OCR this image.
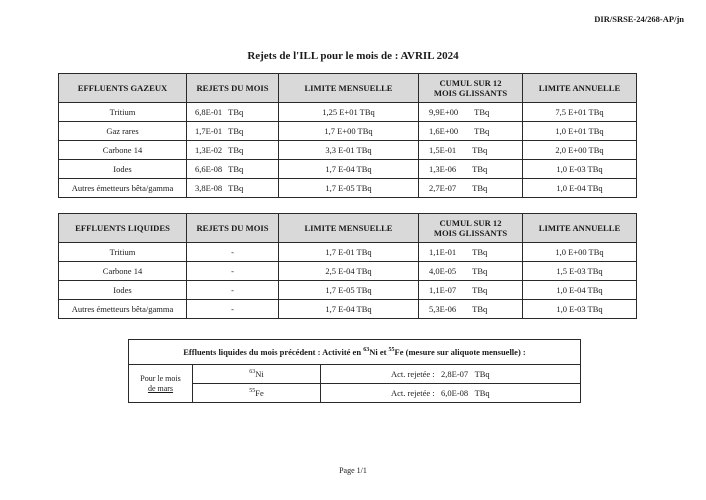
DIR/SRSE-24/268-AP/jn
Rejets de l'ILL pour le mois de : AVRIL 2024
EFFLUENTS GAZEUX	REJETS DU MOIS	LIMITE MENSUELLE	CUMUL SUR 12
MOIS GLISSANTS	LIMITE ANNUELLE
Tritium	6,8E-01 TBq	1,25 E+01 TBq	9,9E+00 TBq	7,5 E+01 TBq
Gaz rares	1,7E-01 TBq	1,7 E+00 TBq	1,6E+00 TBq	1,0 E+01 TBq
Carbone 14	1,3E-02 TBq	3,3 E-01 TBq	1,5E-01 TBq	2,0 E+00 TBq
Iodes	6,6E-08 TBq	1,7 E-04 TBq	1,3E-06 TBq	1,0 E-03 TBq
Autres émetteurs bêta/gamma	3,8E-08 TBq	1,7 E-05 TBq	2,7E-07 TBq	1,0 E-04 TBq
EFFLUENTS LIQUIDES	REJETS DU MOIS	LIMITE MENSUELLE	CUMUL SUR 12
MOIS GLISSANTS	LIMITE ANNUELLE
Tritium	-	1,7 E-01 TBq	1,1E-01 TBq	1,0 E+00 TBq
Carbone 14	-	2,5 E-04 TBq	4,0E-05 TBq	1,5 E-03 TBq
Iodes	-	1,7 E-05 TBq	1,1E-07 TBq	1,0 E-04 TBq
Autres émetteurs bêta/gamma	-	1,7 E-04 TBq	5,3E-06 TBq	1,0 E-03 TBq
Effluents liquides du mois précédent : Activité en $^{63}$Ni et $^{55}$Fe (mesure sur aliquote mensuelle) :		
Pour le mois
de mars	$^{63}$Ni	Act. rejetée : 2,8E-07 TBq
	$^{55}$Fe	Act. rejetée : 6,0E-08 TBq
Page 1/1
